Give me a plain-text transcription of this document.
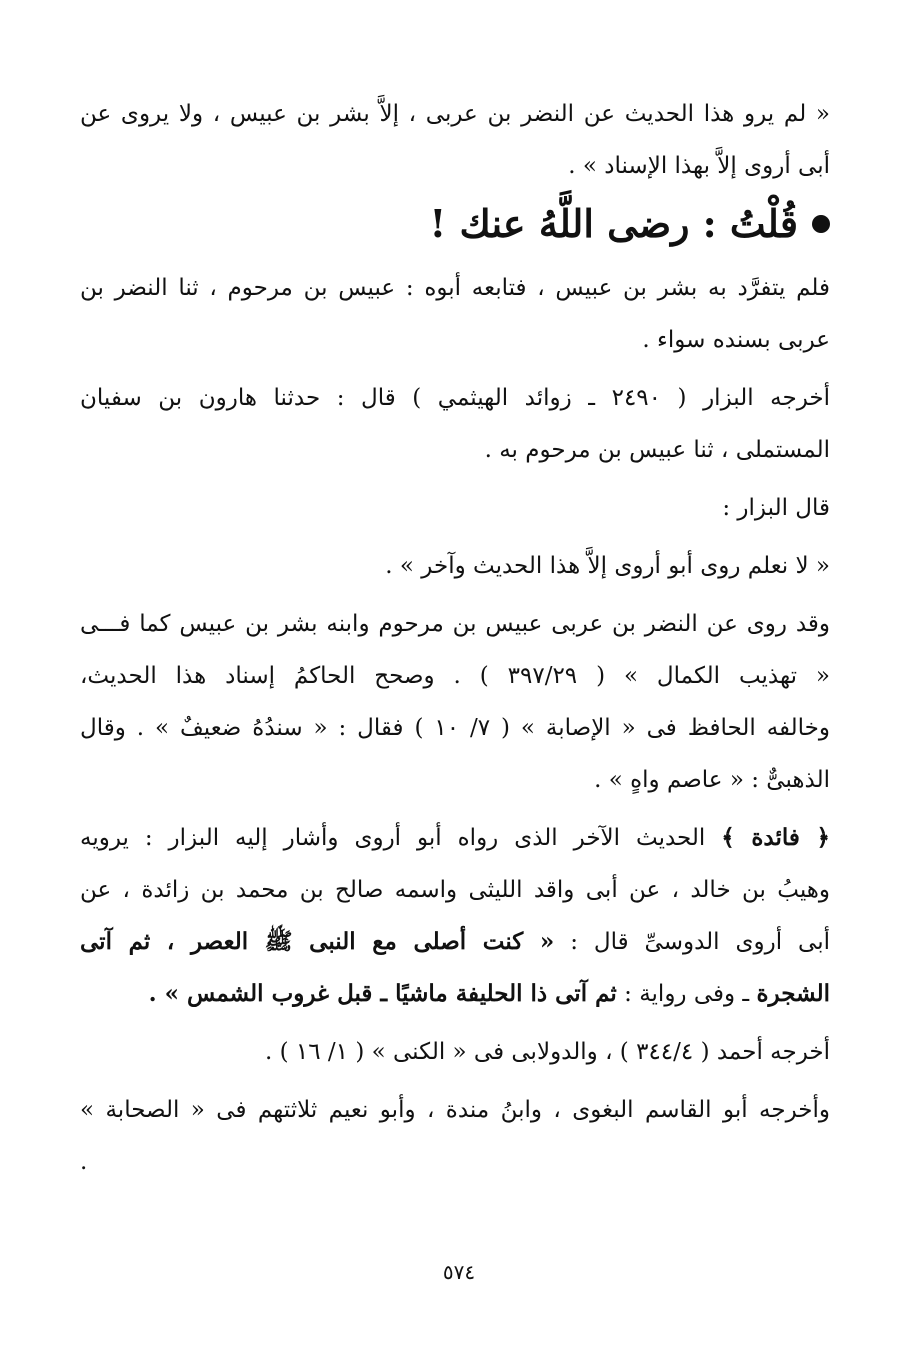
« لم يرو هذا الحديث عن النضر بن عربى ، إلاَّ بشر بن عبيس ، ولا يروى عن
أبى أروى إلاَّ بهذا الإسناد » .

قُلْتُ : رضى اللَّهُ عنك !

فلم يتفرَّد به بشر بن عبيس ، فتابعه أبوه : عبيس بن مرحوم ، ثنا النضر بن
عربى بسنده سواء .

أخرجه البزار ( ٢٤٩٠ ـ زوائد الهيثمي ) قال : حدثنا هارون بن سفيان
المستملى ، ثنا عبيس بن مرحوم به .

قال البزار :

« لا نعلم روى أبو أروى إلاَّ هذا الحديث وآخر » .

وقد روى عن النضر بن عربى عبيس بن مرحوم وابنه بشر بن عبيس كما فـــى
« تهذيب الكمال » ( ٣٩٧/٢٩ ) . وصحح الحاكمُ إسناد هذا الحديث،
وخالفه الحافظ فى « الإصابة » ( ٧/ ١٠ ) فقال : « سندُهُ ضعيفٌ » . وقال
الذهبىٌّ : « عاصم واهٍ » .

﴿ فائدة ﴾ الحديث الآخر الذى رواه أبو أروى وأشار إليه البزار : يرويه
وهيبُ بن خالد ، عن أبى واقد الليثى واسمه صالح بن محمد بن زائدة ، عن
أبى أروى الدوسىِّ قال : « كنت أصلى مع النبى ﷺ العصر ، ثم آتى
الشجرة ـ وفى رواية : ثم آتى ذا الحليفة ماشيًا ـ قبل غروب الشمس » .

أخرجه أحمد ( ٣٤٤/٤ ) ، والدولابى فى « الكنى » ( ١/ ١٦ ) .

وأخرجه أبو القاسم البغوى ، وابنُ مندة ، وأبو نعيم ثلاثتهم فى « الصحابة »
.

٥٧٤
